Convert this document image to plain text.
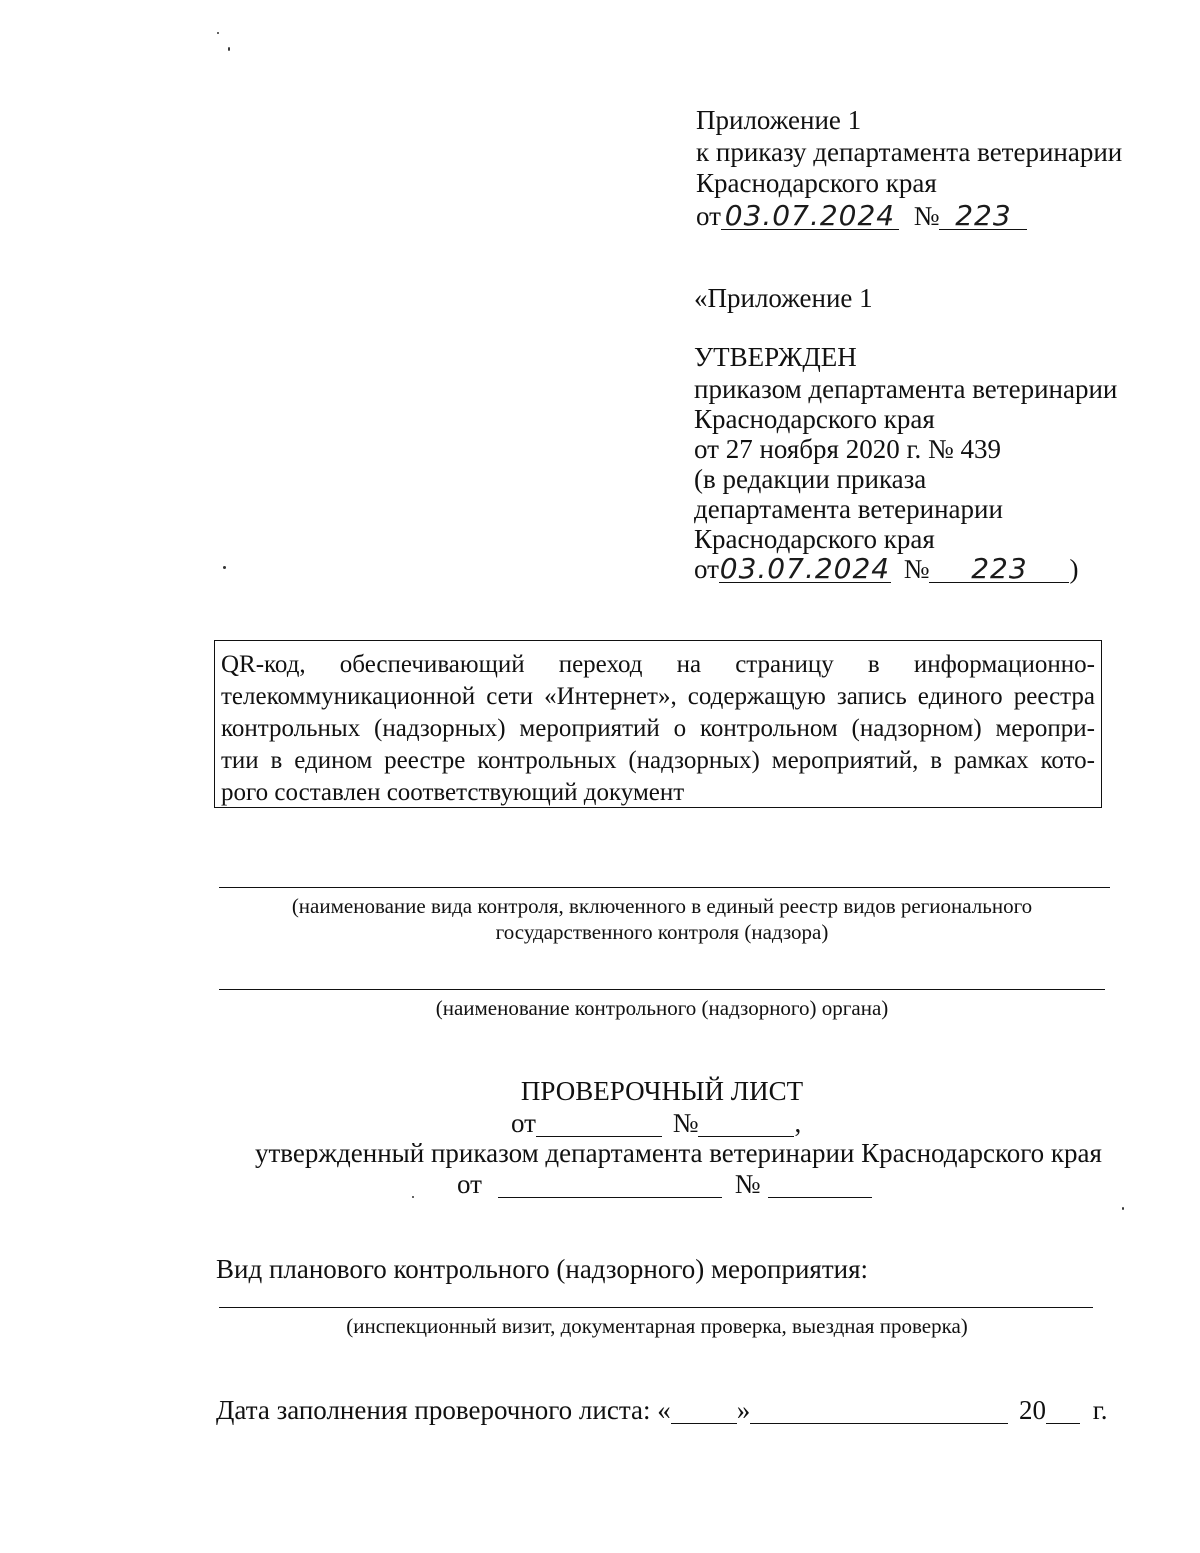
Приложение 1
к приказу департамента ветеринарии
Краснодарского края
от 03.07.2024 № 223
«Приложение 1
УТВЕРЖДЕН
приказом департамента ветеринарии
Краснодарского края
от 27 ноября 2020 г. № 439
(в редакции приказа
департамента ветеринарии
Краснодарского края
от03.07.2024 № 223 )
QR-код, обеспечивающий переход на страницу в информационно-
телекоммуникационной сети «Интернет», содержащую запись единого реестра
контрольных (надзорных) мероприятий о контрольном (надзорном) меропри-
тии в едином реестре контрольных (надзорных) мероприятий, в рамках кото-
рого составлен соответствующий документ
(наименование вида контроля, включенного в единый реестр видов регионального
государственного контроля (надзора)
(наименование контрольного (надзорного) органа)
ПРОВЕРОЧНЫЙ ЛИСТ
от	№	,
утвержденный приказом департамента ветеринарии Краснодарского края
от	№
Вид планового контрольного (надзорного) мероприятия:
(инспекционный визит, документарная проверка, выездная проверка)
Дата заполнения проверочного листа: « »	20 г.
